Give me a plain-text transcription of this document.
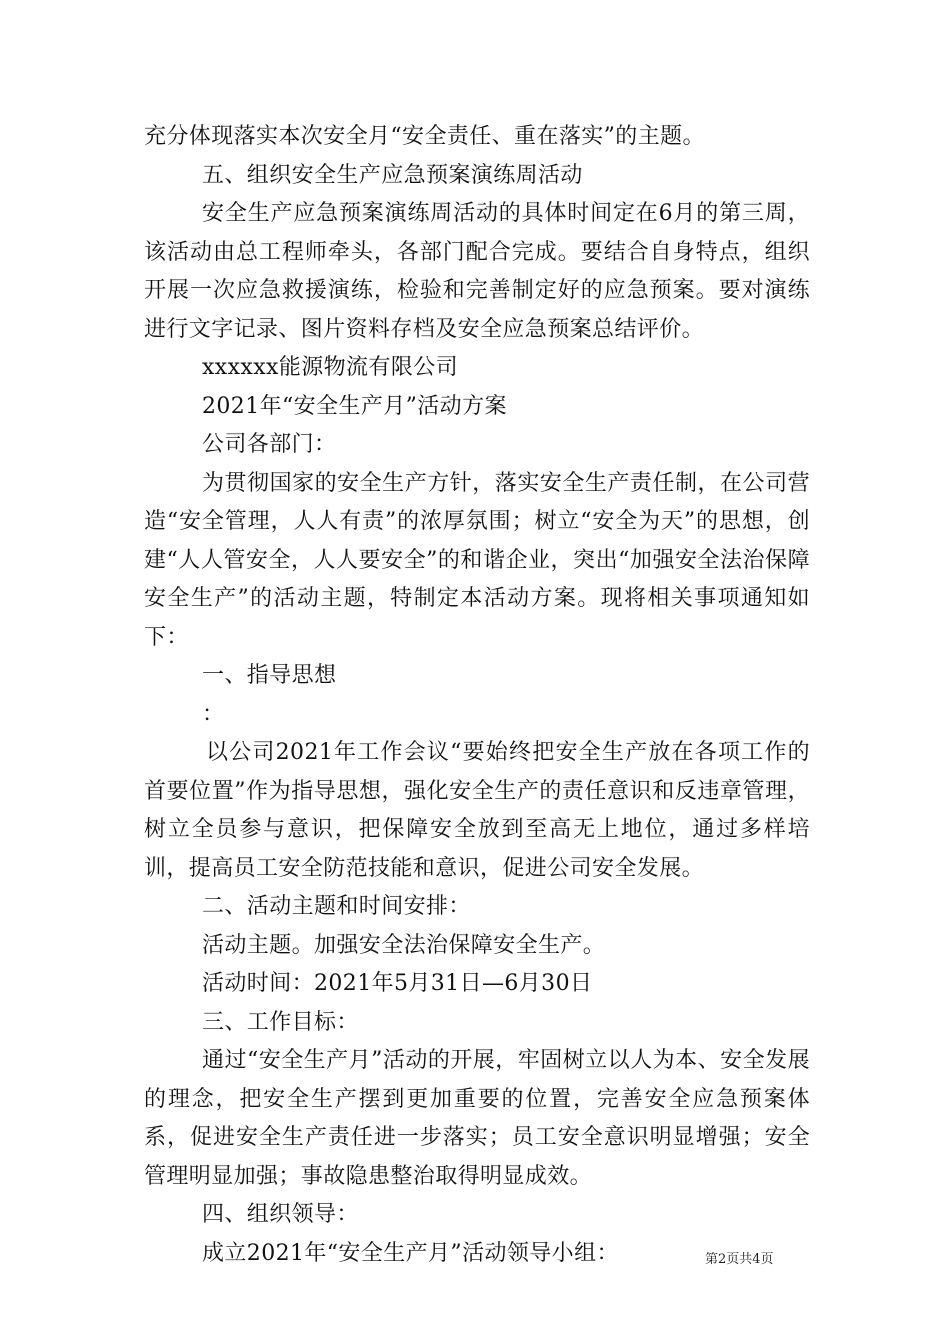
充分体现落实本次安全月“安全责任、重在落实”的主题。

五、组织安全生产应急预案演练周活动

安全生产应急预案演练周活动的具体时间定在6月的第三周，该活动由总工程师牵头，各部门配合完成。要结合自身特点，组织开展一次应急救援演练，检验和完善制定好的应急预案。要对演练进行文字记录、图片资料存档及安全应急预案总结评价。

xxxxxx能源物流有限公司

2021年“安全生产月”活动方案

公司各部门：

为贯彻国家的安全生产方针，落实安全生产责任制，在公司营造“安全管理，人人有责”的浓厚氛围；树立“安全为天”的思想，创建“人人管安全，人人要安全”的和谐企业，突出“加强安全法治保障安全生产”的活动主题，特制定本活动方案。现将相关事项通知如下：

一、指导思想

：

以公司2021年工作会议“要始终把安全生产放在各项工作的首要位置”作为指导思想，强化安全生产的责任意识和反违章管理，树立全员参与意识，把保障安全放到至高无上地位，通过多样培训，提高员工安全防范技能和意识，促进公司安全发展。

二、活动主题和时间安排：

活动主题。加强安全法治保障安全生产。

活动时间：2021年5月31日—6月30日

三、工作目标：

通过“安全生产月”活动的开展，牢固树立以人为本、安全发展的理念，把安全生产摆到更加重要的位置，完善安全应急预案体系，促进安全生产责任进一步落实；员工安全意识明显增强；安全管理明显加强；事故隐患整治取得明显成效。

四、组织领导：

成立2021年“安全生产月”活动领导小组：	第2页共4页
